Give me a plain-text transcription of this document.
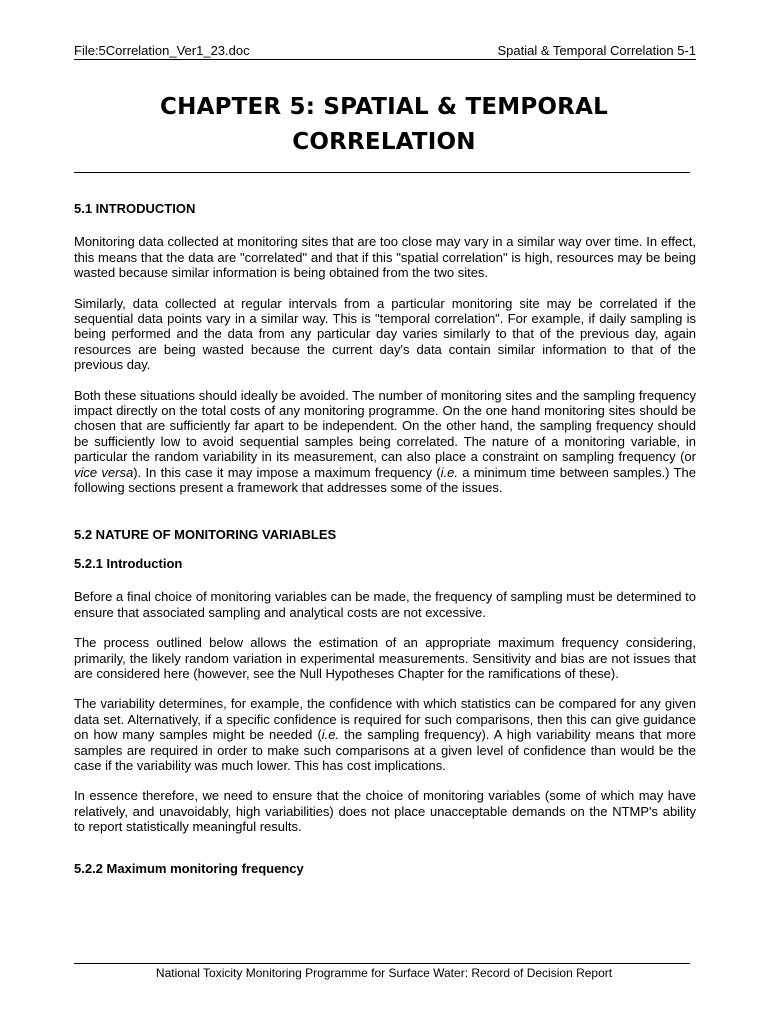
File:5Correlation_Ver1_23.doc	Spatial & Temporal Correlation 5-1
CHAPTER 5: SPATIAL & TEMPORAL
CORRELATION
5.1 INTRODUCTION

Monitoring data collected at monitoring sites that are too close may vary in a similar way over time. In effect, this means that the data are "correlated" and that if this "spatial correlation" is high, resources may be being wasted because similar information is being obtained from the two sites.

Similarly, data collected at regular intervals from a particular monitoring site may be correlated if the sequential data points vary in a similar way. This is "temporal correlation". For example, if daily sampling is being performed and the data from any particular day varies similarly to that of the previous day, again resources are being wasted because the current day's data contain similar information to that of the previous day.

Both these situations should ideally be avoided. The number of monitoring sites and the sampling frequency impact directly on the total costs of any monitoring programme. On the one hand monitoring sites should be chosen that are sufficiently far apart to be independent. On the other hand, the sampling frequency should be sufficiently low to avoid sequential samples being correlated. The nature of a monitoring variable, in particular the random variability in its measurement, can also place a constraint on sampling frequency (or vice versa). In this case it may impose a maximum frequency (i.e. a minimum time between samples.) The following sections present a framework that addresses some of the issues.

5.2 NATURE OF MONITORING VARIABLES
5.2.1 Introduction

Before a final choice of monitoring variables can be made, the frequency of sampling must be determined to ensure that associated sampling and analytical costs are not excessive.

The process outlined below allows the estimation of an appropriate maximum frequency considering, primarily, the likely random variation in experimental measurements. Sensitivity and bias are not issues that are considered here (however, see the Null Hypotheses Chapter for the ramifications of these).

The variability determines, for example, the confidence with which statistics can be compared for any given data set. Alternatively, if a specific confidence is required for such comparisons, then this can give guidance on how many samples might be needed (i.e. the sampling frequency). A high variability means that more samples are required in order to make such comparisons at a given level of confidence than would be the case if the variability was much lower. This has cost implications.

In essence therefore, we need to ensure that the choice of monitoring variables (some of which may have relatively, and unavoidably, high variabilities) does not place unacceptable demands on the NTMP's ability to report statistically meaningful results.

5.2.2 Maximum monitoring frequency
National Toxicity Monitoring Programme for Surface Water: Record of Decision Report
